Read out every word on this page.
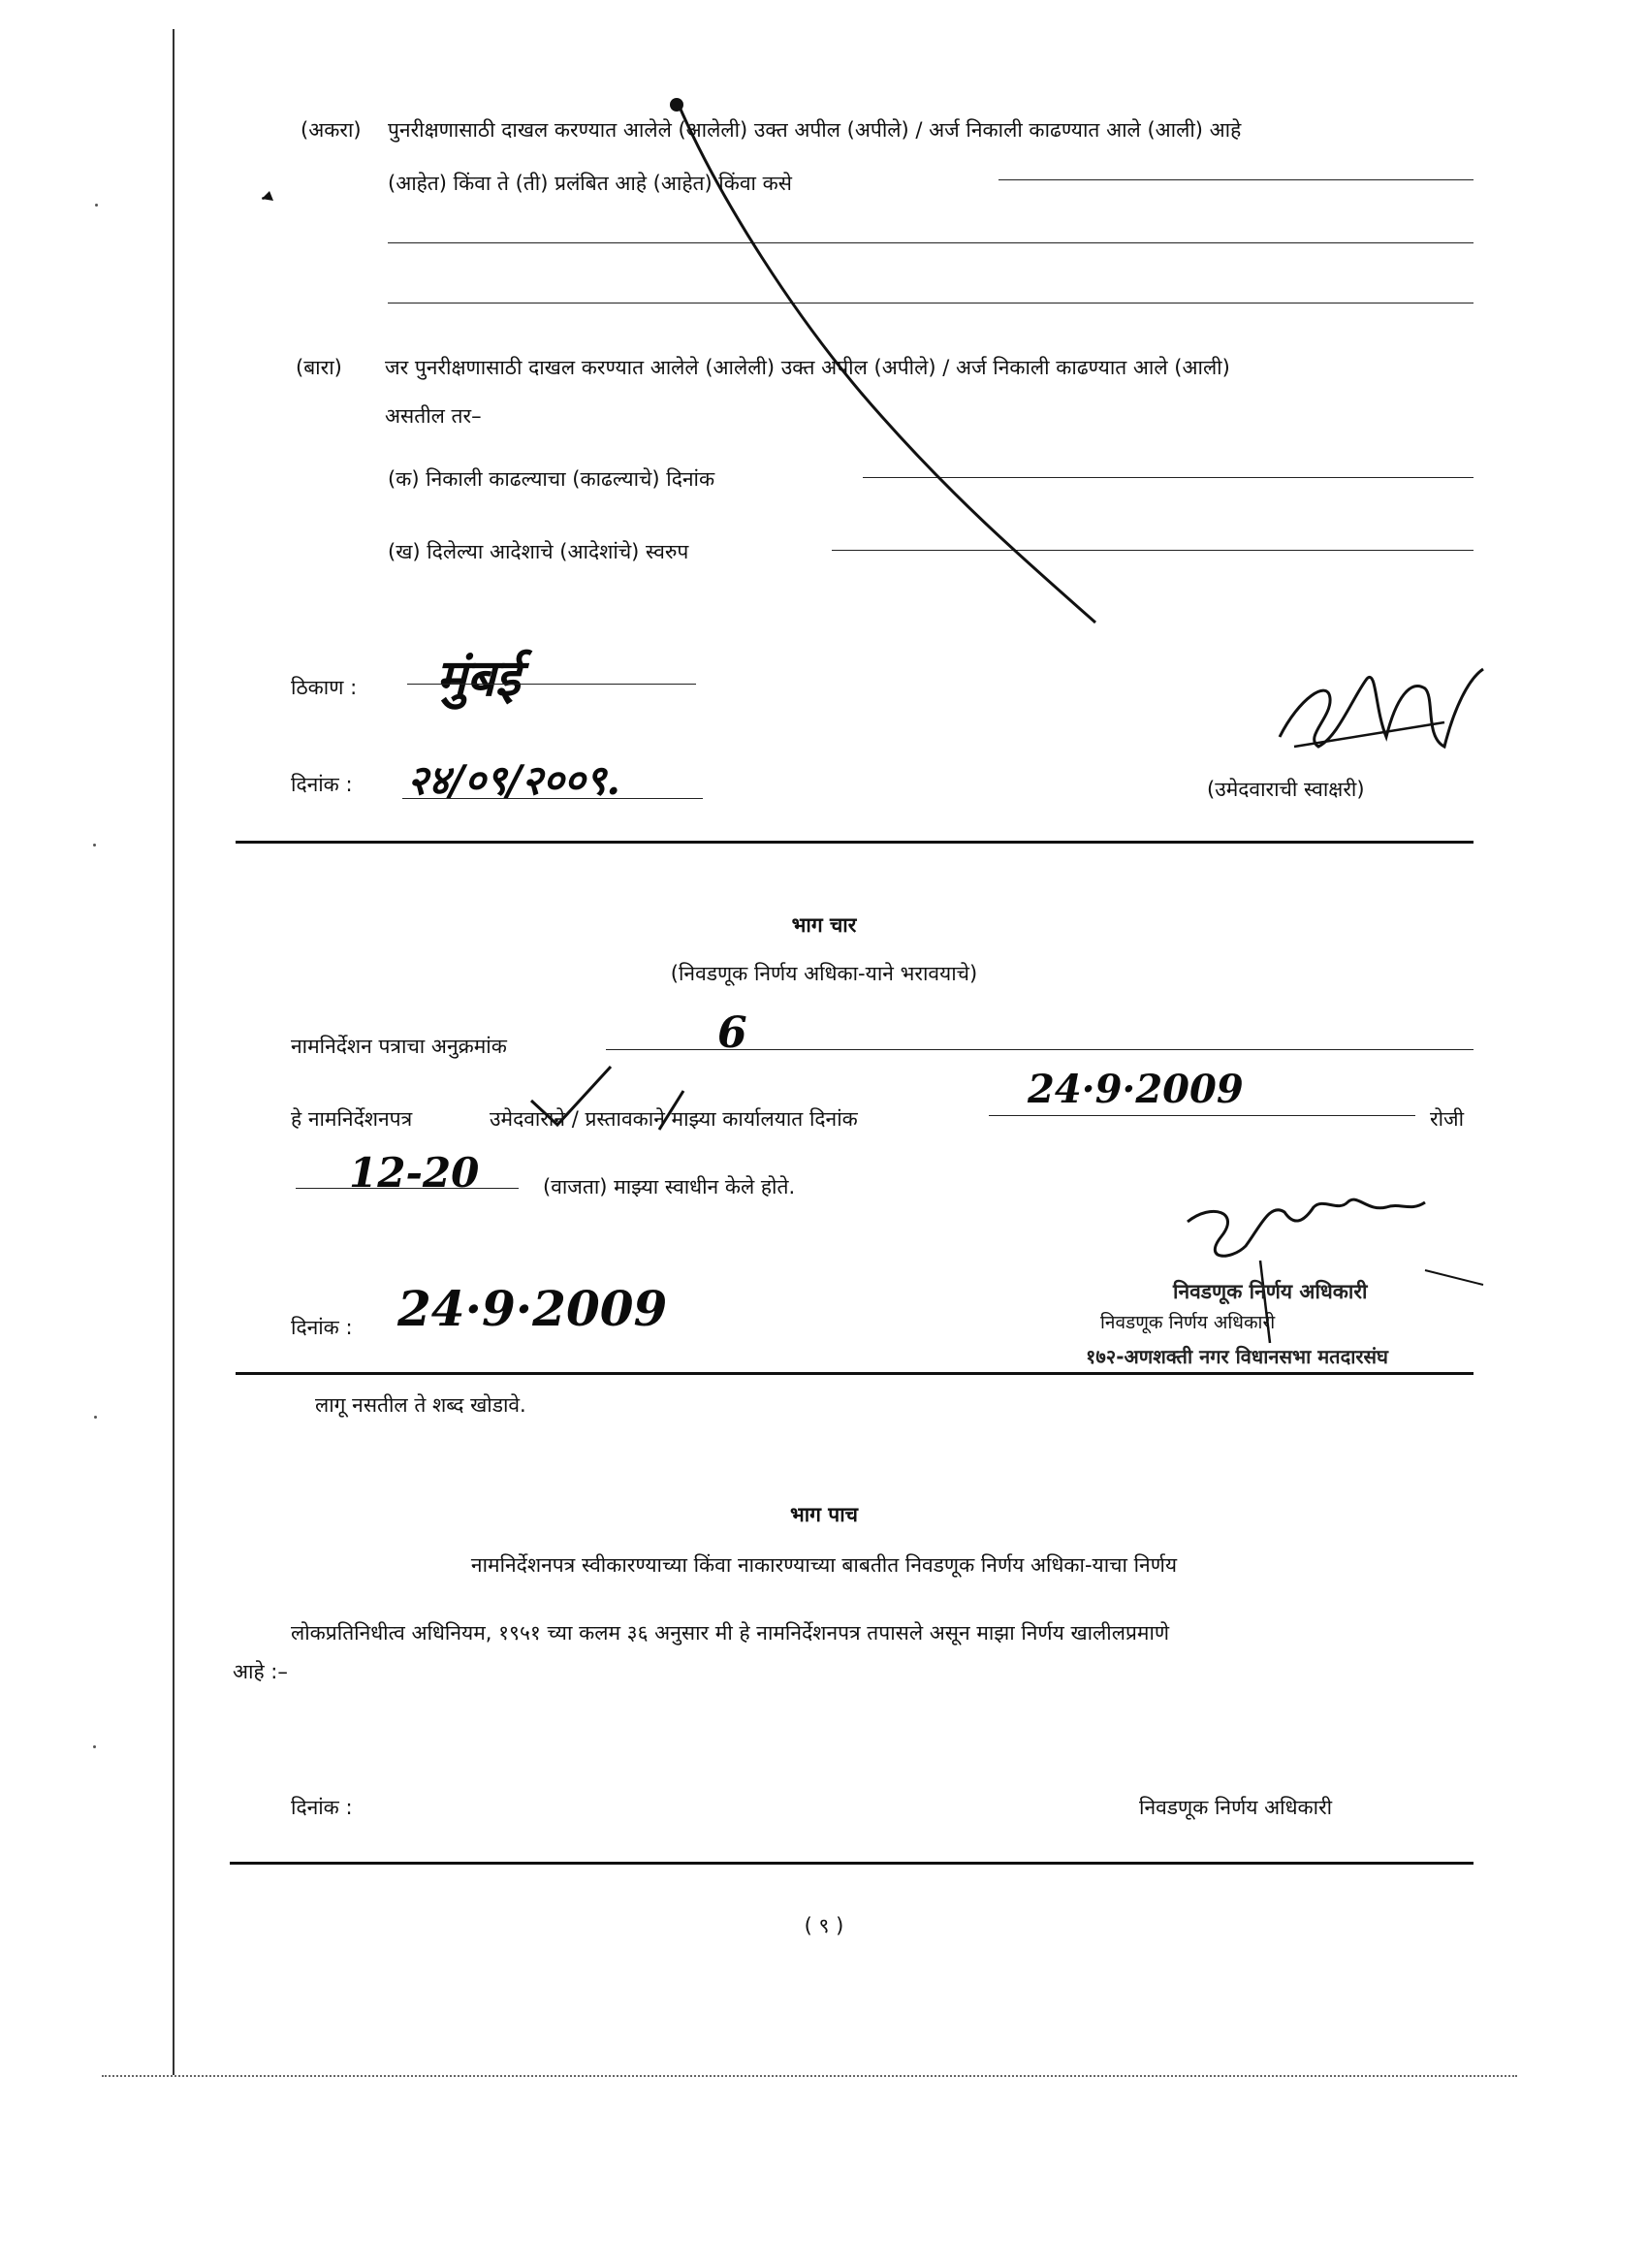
(अकरा) पुनरीक्षणासाठी दाखल करण्यात आलेले (आलेली) उक्त अपील (अपीले) / अर्ज निकाली काढण्यात आले (आली) आहे
(आहेत) किंवा ते (ती) प्रलंबित आहे (आहेत) किंवा कसे
(बारा) जर पुनरीक्षणासाठी दाखल करण्यात आलेले (आलेली) उक्त अपील (अपीले) / अर्ज निकाली काढण्यात आले (आली)
असतील तर–
(क) निकाली काढल्याचा (काढल्याचे) दिनांक
(ख) दिलेल्या आदेशाचे (आदेशांचे) स्वरुप
ठिकाण : मुंबई
दिनांक : २४/०९/२००९.	(उमेदवाराची स्वाक्षरी)
भाग चार
(निवडणूक निर्णय अधिका-याने भरावयाचे)
नामनिर्देशन पत्राचा अनुक्रमांक	6
हे नामनिर्देशनपत्र	उमेदवाराने / प्रस्तावकाने माझ्या कार्यालयात दिनांक
24·9·2009
रोजी
12-20	(वाजता) माझ्या स्वाधीन केले होते.
दिनांक : 24·9·2009	निवडणूक निर्णय अधिकारी
निवडणूक निर्णय अधिकारी
१७२-अणशक्ती नगर विधानसभा मतदारसंघ
लागू नसतील ते शब्द खोडावे.
भाग पाच
नामनिर्देशनपत्र स्वीकारण्याच्या किंवा नाकारण्याच्या बाबतीत निवडणूक निर्णय अधिका-याचा निर्णय
लोकप्रतिनिधीत्व अधिनियम, १९५१ च्या कलम ३६ अनुसार मी हे नामनिर्देशनपत्र तपासले असून माझा निर्णय खालीलप्रमाणे
आहे :–
दिनांक :	निवडणूक निर्णय अधिकारी
( ९ )
